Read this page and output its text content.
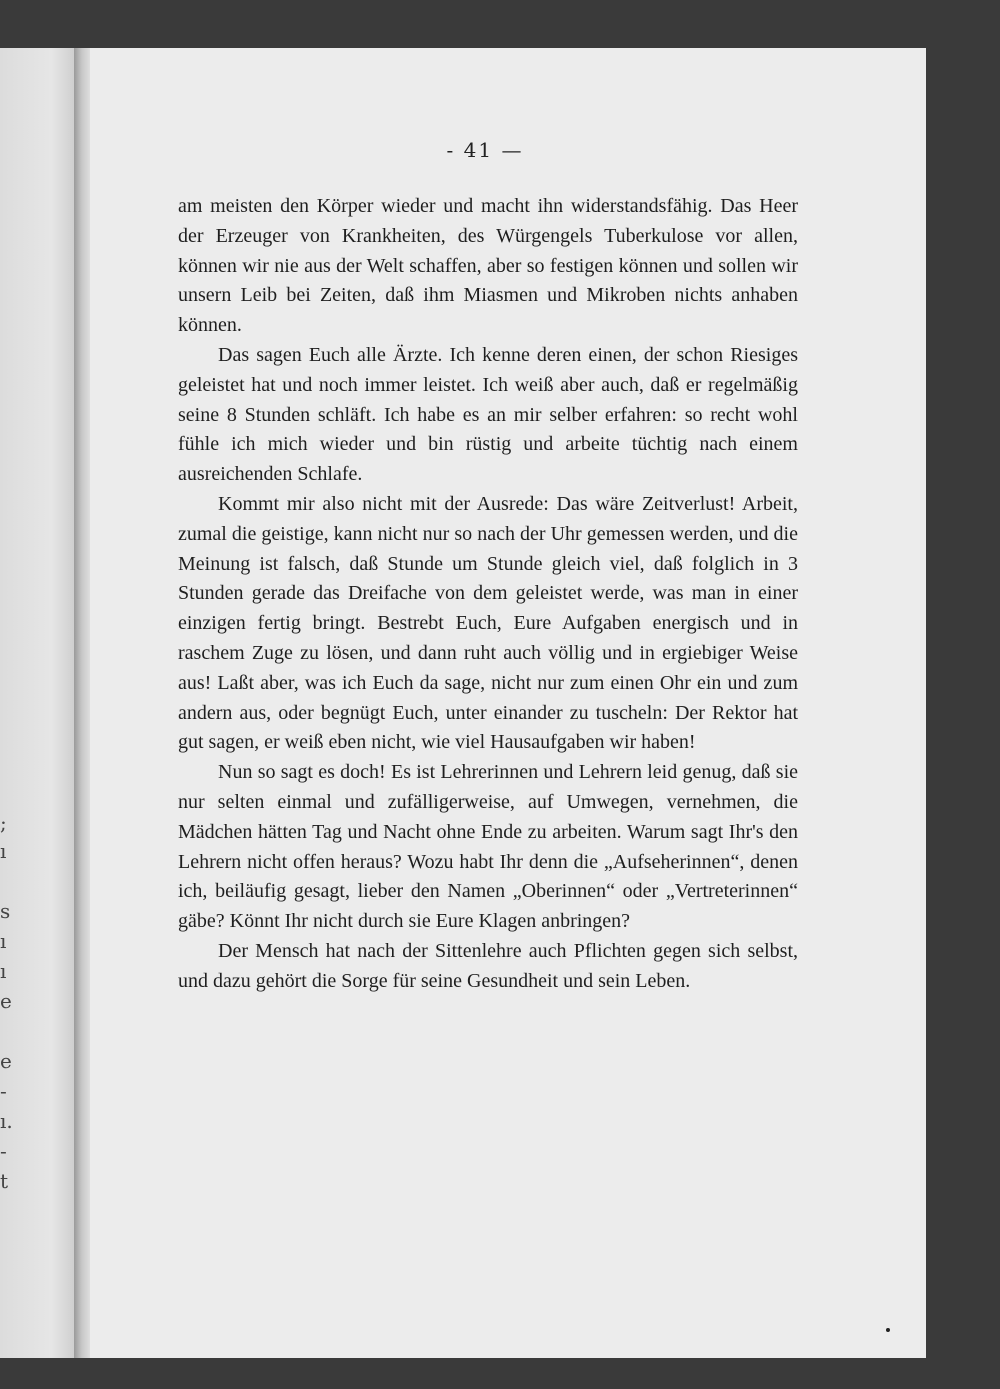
;
ı
s
ı
ı
e
e
-
ı.
-
t
- 41 —

am meisten den Körper wieder und macht ihn widerstandsfähig. Das Heer der Erzeuger von Krankheiten, des Würgengels Tuberkulose vor allen, können wir nie aus der Welt schaffen, aber so festigen können und sollen wir unsern Leib bei Zeiten, daß ihm Miasmen und Mikroben nichts anhaben können.

Das sagen Euch alle Ärzte. Ich kenne deren einen, der schon Riesiges geleistet hat und noch immer leistet. Ich weiß aber auch, daß er regelmäßig seine 8 Stunden schläft. Ich habe es an mir selber erfahren: so recht wohl fühle ich mich wieder und bin rüstig und arbeite tüchtig nach einem ausreichenden Schlafe.

Kommt mir also nicht mit der Ausrede: Das wäre Zeitverlust! Arbeit, zumal die geistige, kann nicht nur so nach der Uhr gemessen werden, und die Meinung ist falsch, daß Stunde um Stunde gleich viel, daß folglich in 3 Stunden gerade das Dreifache von dem geleistet werde, was man in einer einzigen fertig bringt. Bestrebt Euch, Eure Aufgaben energisch und in raschem Zuge zu lösen, und dann ruht auch völlig und in ergiebiger Weise aus! Laßt aber, was ich Euch da sage, nicht nur zum einen Ohr ein und zum andern aus, oder begnügt Euch, unter einander zu tuscheln: Der Rektor hat gut sagen, er weiß eben nicht, wie viel Hausaufgaben wir haben!

Nun so sagt es doch! Es ist Lehrerinnen und Lehrern leid genug, daß sie nur selten einmal und zufälligerweise, auf Umwegen, vernehmen, die Mädchen hätten Tag und Nacht ohne Ende zu arbeiten. Warum sagt Ihr's den Lehrern nicht offen heraus? Wozu habt Ihr denn die „Aufseherinnen“, denen ich, beiläufig gesagt, lieber den Namen „Oberinnen“ oder „Vertreterinnen“ gäbe? Könnt Ihr nicht durch sie Eure Klagen anbringen?

Der Mensch hat nach der Sittenlehre auch Pflichten gegen sich selbst, und dazu gehört die Sorge für seine Gesundheit und sein Leben.
